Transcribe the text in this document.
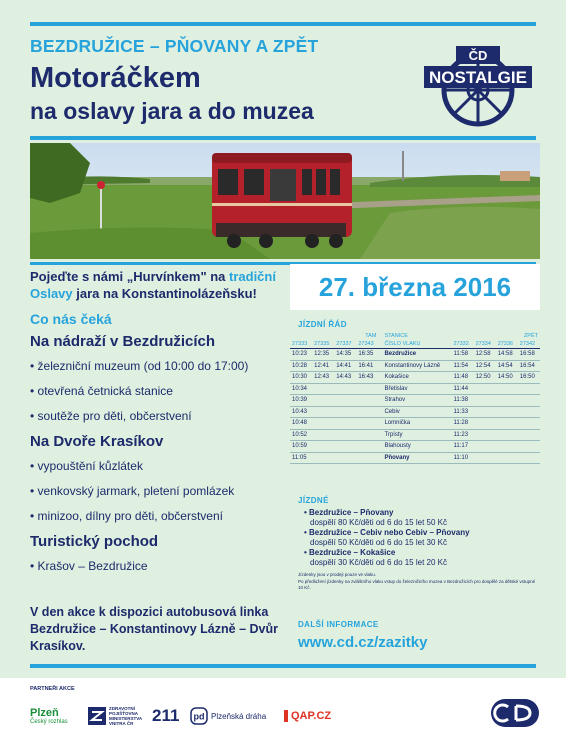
BEZDRUŽICE – PŇOVANY A ZPĚT
Motoráčkem
na oslavy jara a do muzea
ČD
NOSTALGIE
Pojeďte s námi „Hurvínkem" na tradiční
Oslavy jara na Konstantinolázeňsku!
Co nás čeká
Na nádraží v Bezdružicích
• železniční muzeum (od 10:00 do 17:00)
• otevřená četnická stanice
• soutěže pro děti, občerstvení
Na Dvoře Krasíkov
• vypouštění kůzlátek
• venkovský jarmark, pletení pomlázek
• minizoo, dílny pro děti, občerstvení
Turistický pochod
• Krašov – Bezdružice
V den akce k dispozici autobusová linka Bezdružice – Konstantinovy Lázně – Dvůr Krasíkov.
27. března 2016
JÍZDNÍ ŘÁD
TAM				STANICE	ZPĚT			
27333	27335	27337	27343	ČÍSLO VLAKU	27332	27334	27336	27342
10:23	12:35	14:35	16:35	Bezdružice	11:58	12:58	14:58	16:58
10:28	12:41	14:41	16:41	Konstantinovy Lázně	11:54	12:54	14:54	16:54
10:30	12:43	14:43	16:43	Kokašice	11:48	12:50	14:50	16:50
10:34				Břetislav	11:44			
10:39				Strahov	11:38			
10:43				Cebiv	11:33			
10:48				Lomnička	11:28			
10:52				Trpísty	11:23			
10:59				Blahousty	11:17			
11:05				Pňovany	11:10			
JÍZDNÉ
• Bezdružice – Pňovany
dospělí 80 Kč/děti od 6 do 15 let 50 Kč
• Bezdružice – Cebiv nebo Cebiv – Pňovany
dospělí 50 Kč/děti od 6 do 15 let 30 Kč
• Bezdružice – Kokašice
dospělí 30 Kč/děti od 6 do 15 let 20 Kč
Jízdenky jsou v prodeji pouze ve vlaku.
Po předložení jízdenky na zvláštního vlaku vstup do železničního muzea v Bezdružicích pro dospělé za dětské vstupné 10 Kč.
DALŠÍ INFORMACE
www.cd.cz/zazitky
PARTNEŘI AKCE
Plzeň
Český rozhlas
ZDRAVOTNÍ POJIŠŤOVNA MINISTERSTVA VNITRA ČR	211 pd Plzeňská dráha	QAP.CZ
